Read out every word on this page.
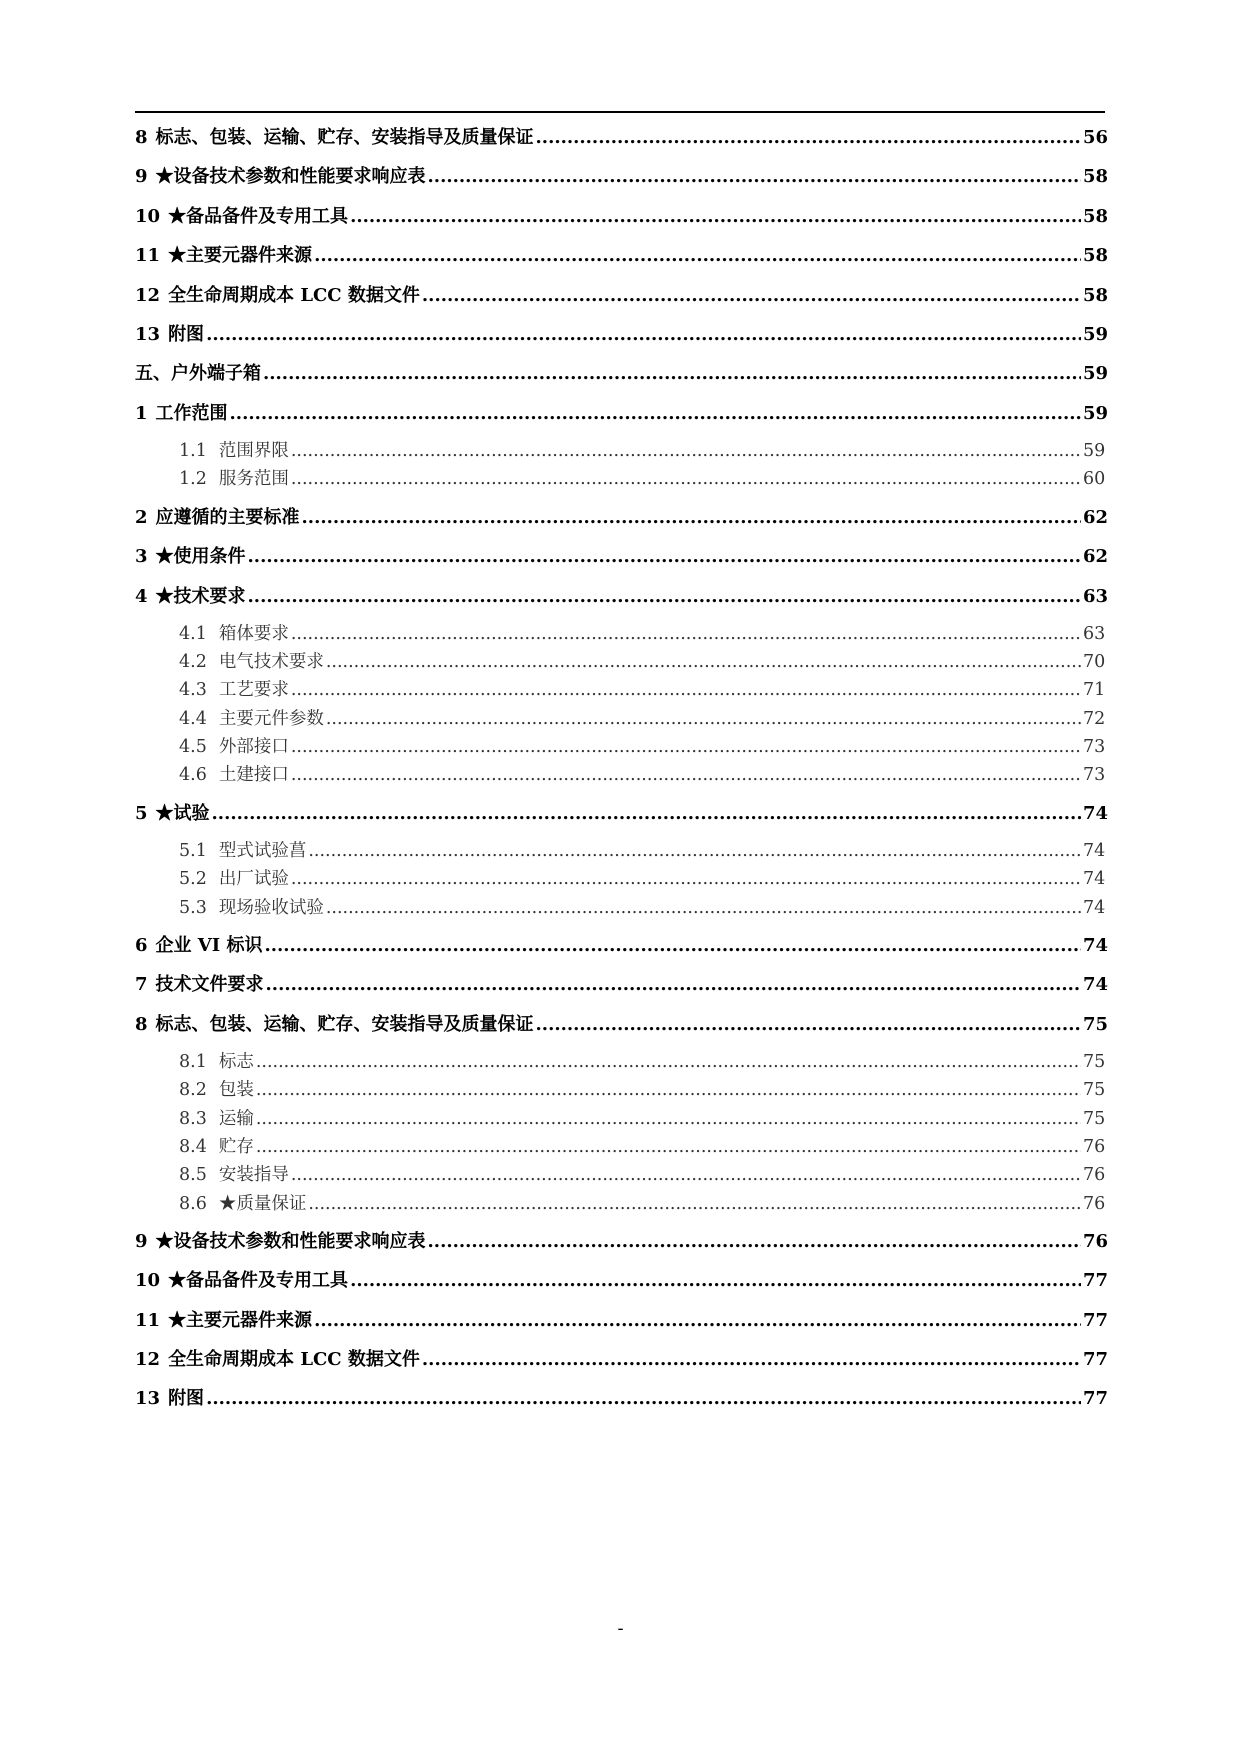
8 标志、包装、运输、贮存、安装指导及质量保证 .....	56
9 ★设备技术参数和性能要求响应表 .....	58
10 ★备品备件及专用工具 .....	58
11 ★主要元器件来源 .....	58
12 全生命周期成本 LCC 数据文件 .....	58
13 附图 .....	59
五、户外端子箱 .....	59
1 工作范围 .....	59
1.1 范围界限 .....	59
1.2 服务范围 .....	60
2 应遵循的主要标准 .....	62
3 ★使用条件 .....	62
4 ★技术要求 .....	63
4.1 箱体要求 .....	63
4.2 电气技术要求 .....	70
4.3 工艺要求 .....	71
4.4 主要元件参数 .....	72
4.5 外部接口 .....	73
4.6 土建接口 .....	73
5 ★试验 .....	74
5.1 型式试验菖 .....	74
5.2 出厂试验 .....	74
5.3 现场验收试验 .....	74
6 企业 VI 标识 .....	74
7 技术文件要求 .....	74
8 标志、包装、运输、贮存、安装指导及质量保证 .....	75
8.1 标志 .....	75
8.2 包装 .....	75
8.3 运输 .....	75
8.4 贮存 .....	76
8.5 安装指导 .....	76
8.6 ★质量保证 .....	76
9 ★设备技术参数和性能要求响应表 .....	76
10 ★备品备件及专用工具 .....	77
11 ★主要元器件来源 .....	77
12 全生命周期成本 LCC 数据文件 .....	77
13 附图 .....	77
-
